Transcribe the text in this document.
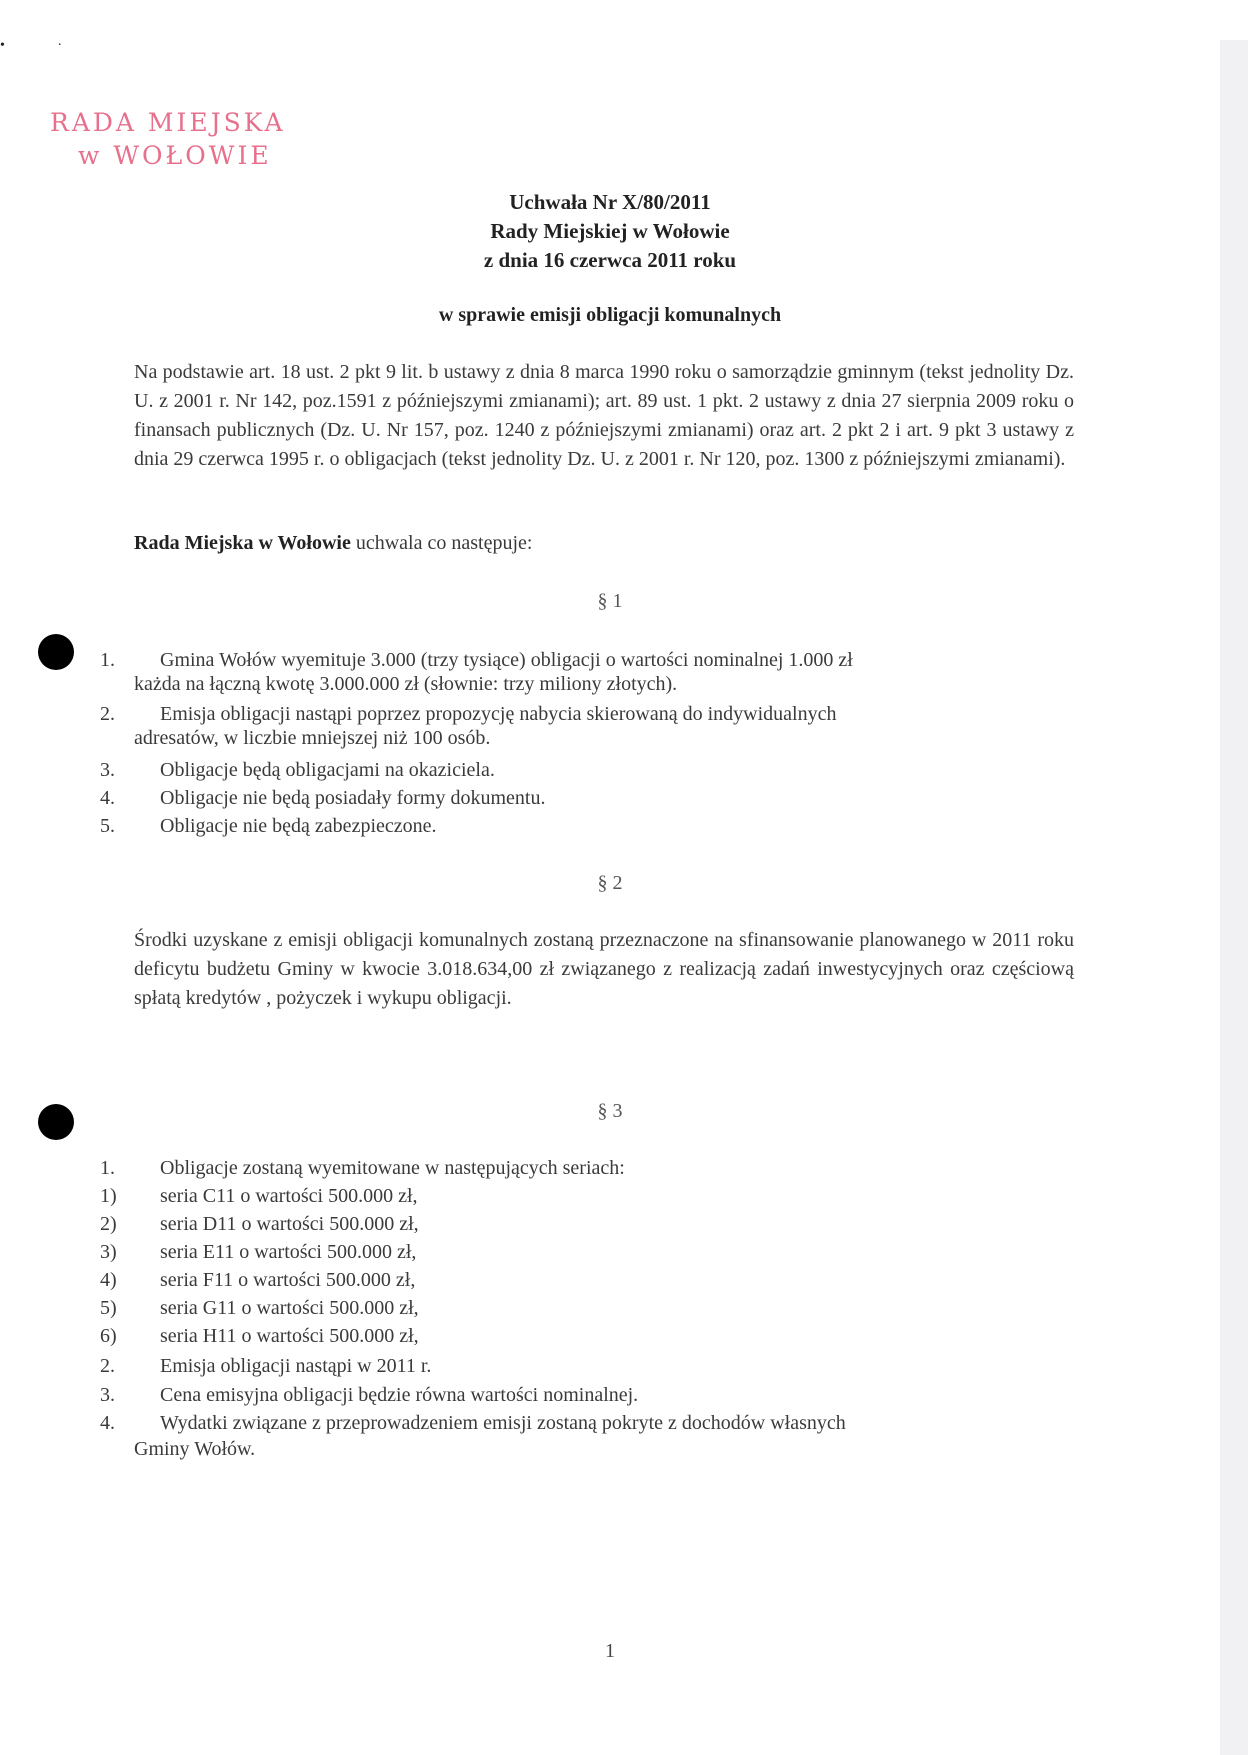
•               ·
RADA MIEJSKA
w WOŁOWIE
Uchwała Nr X/80/2011
Rady Miejskiej w Wołowie
z dnia 16 czerwca 2011 roku
w sprawie emisji obligacji komunalnych
Na podstawie art. 18 ust. 2 pkt 9 lit. b ustawy z dnia 8 marca 1990 roku o samorządzie gminnym (tekst jednolity Dz. U. z 2001 r. Nr 142, poz.1591 z późniejszymi zmianami); art. 89 ust. 1 pkt. 2 ustawy z dnia 27 sierpnia 2009 roku o finansach publicznych (Dz. U. Nr 157, poz. 1240 z późniejszymi zmianami) oraz art. 2 pkt 2 i art. 9 pkt 3 ustawy z dnia 29 czerwca 1995 r. o obligacjach (tekst jednolity Dz. U. z 2001 r. Nr 120, poz. 1300 z późniejszymi zmianami).
Rada Miejska w Wołowie uchwala co następuje:
§ 1
1. Gmina Wołów wyemituje 3.000 (trzy tysiące) obligacji o wartości nominalnej 1.000 zł
każda na łączną kwotę 3.000.000 zł (słownie: trzy miliony złotych).
2. Emisja obligacji nastąpi poprzez propozycję nabycia skierowaną do indywidualnych
adresatów, w liczbie mniejszej niż 100 osób.
3. Obligacje będą obligacjami na okaziciela.
4. Obligacje nie będą posiadały formy dokumentu.
5. Obligacje nie będą zabezpieczone.
§ 2
Środki uzyskane z emisji obligacji komunalnych zostaną przeznaczone na sfinansowanie planowanego w 2011 roku deficytu budżetu Gminy w kwocie 3.018.634,00 zł związanego z realizacją zadań inwestycyjnych oraz częściową spłatą kredytów , pożyczek i wykupu obligacji.
§ 3
1. Obligacje zostaną wyemitowane w następujących seriach:
1) seria C11 o wartości 500.000 zł,
2) seria D11 o wartości 500.000 zł,
3) seria E11 o wartości 500.000 zł,
4) seria F11 o wartości 500.000 zł,
5) seria G11 o wartości 500.000 zł,
6) seria H11 o wartości 500.000 zł,
2. Emisja obligacji nastąpi w 2011 r.
3. Cena emisyjna obligacji będzie równa wartości nominalnej.
4. Wydatki związane z przeprowadzeniem emisji zostaną pokryte z dochodów własnych
Gminy Wołów.
1
